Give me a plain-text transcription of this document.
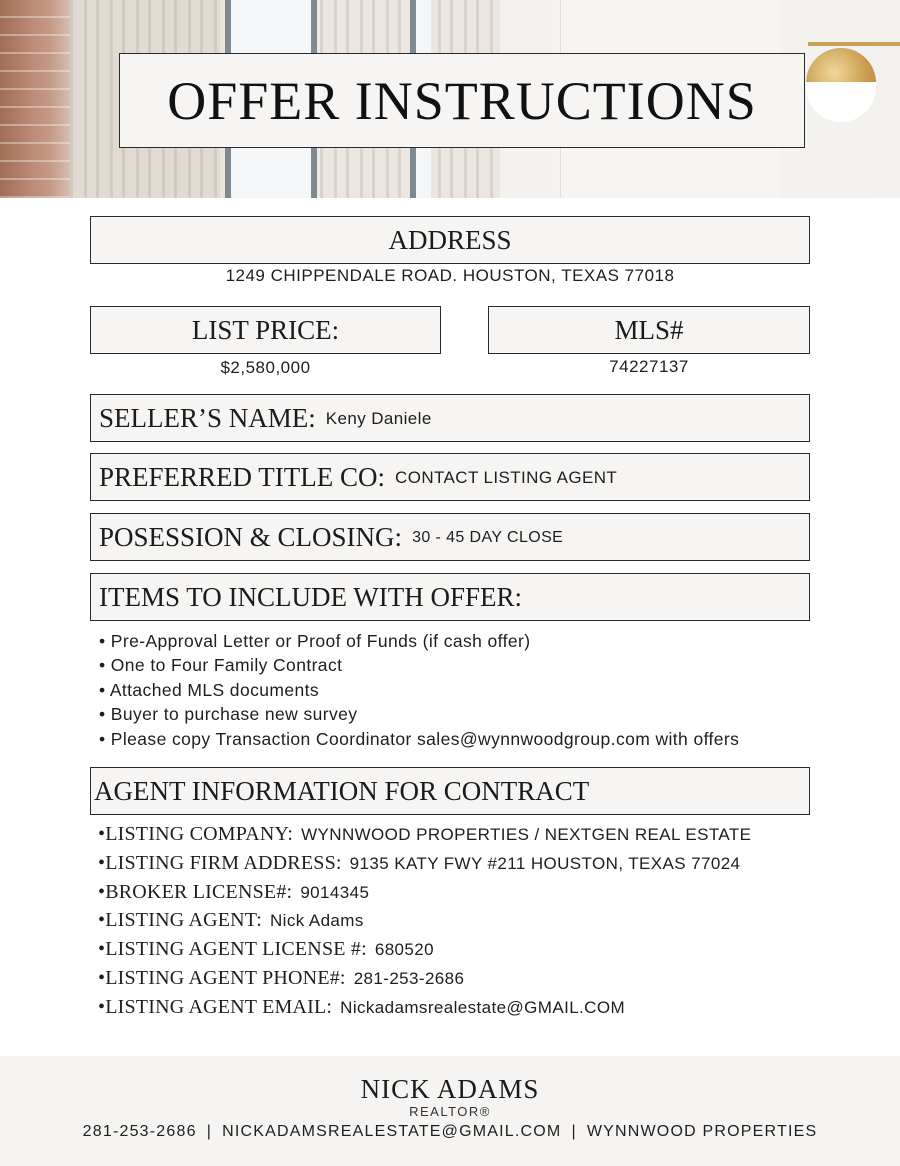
OFFER INSTRUCTIONS
ADDRESS
1249 CHIPPENDALE ROAD. HOUSTON, TEXAS 77018
LIST PRICE:
$2,580,000
MLS#
74227137
SELLER’S NAME: Keny Daniele
PREFERRED TITLE CO: CONTACT LISTING AGENT
POSESSION & CLOSING: 30 - 45 DAY CLOSE
ITEMS TO INCLUDE WITH OFFER:
• Pre-Approval Letter or Proof of Funds (if cash offer)
• One to Four Family Contract
• Attached MLS documents
• Buyer to purchase new survey
• Please copy Transaction Coordinator sales@wynnwoodgroup.com with offers
AGENT INFORMATION FOR CONTRACT
•LISTING COMPANY: WYNNWOOD PROPERTIES / NEXTGEN REAL ESTATE
•LISTING FIRM ADDRESS: 9135 KATY FWY #211 HOUSTON, TEXAS 77024
•BROKER LICENSE#: 9014345
•LISTING AGENT: Nick Adams
•LISTING AGENT LICENSE #: 680520
•LISTING AGENT PHONE#: 281-253-2686
•LISTING AGENT EMAIL: Nickadamsrealestate@GMAIL.COM
NICK ADAMS
REALTOR®
281-253-2686 | NICKADAMSREALESTATE@GMAIL.COM | WYNNWOOD PROPERTIES
